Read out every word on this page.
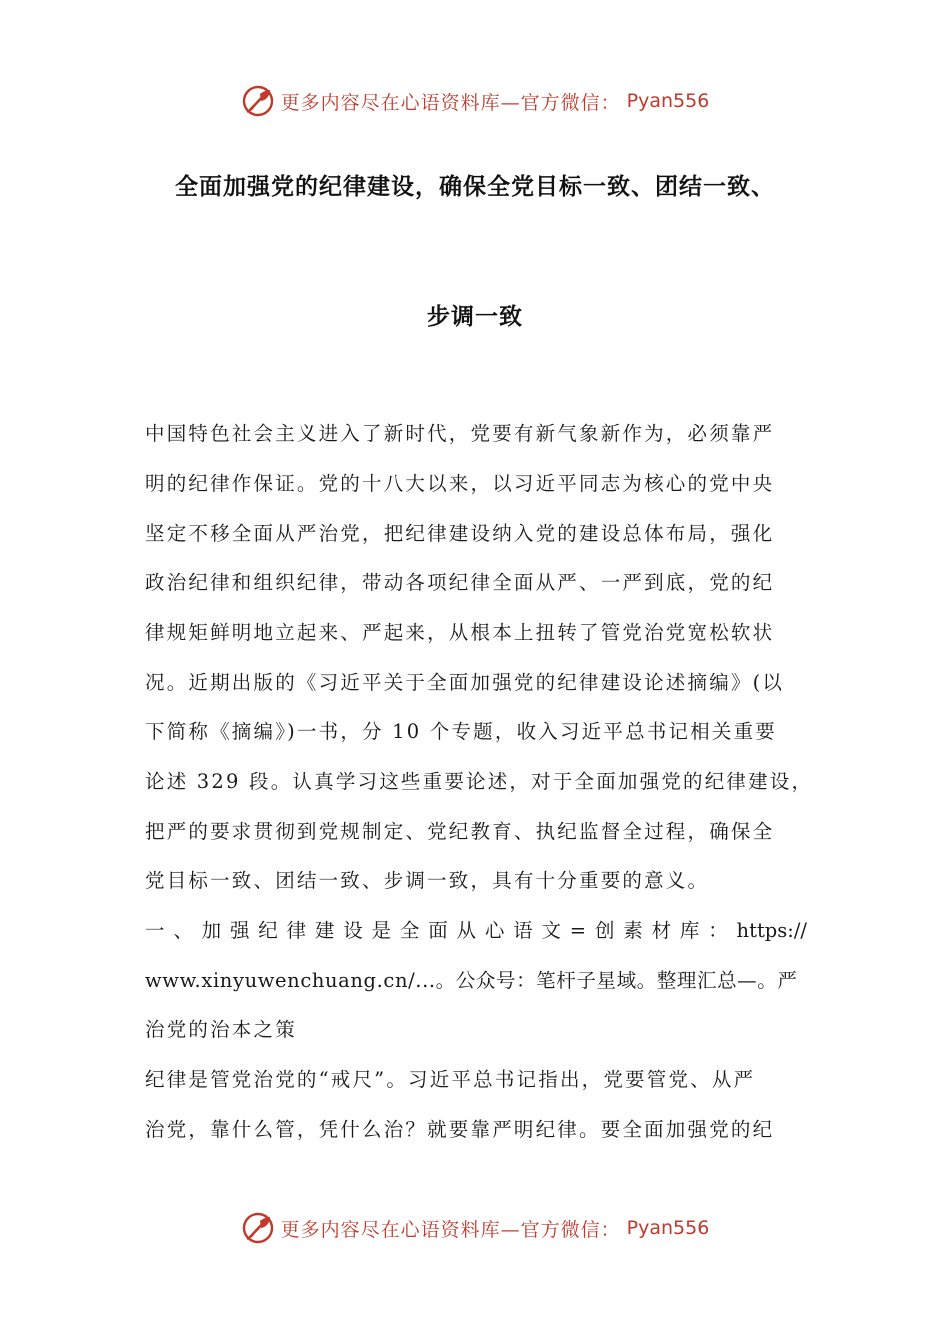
更多内容尽在心语资料库—官方微信： Pyan556
全面加强党的纪律建设，确保全党目标一致、团结一致、
步调一致
中国特色社会主义进入了新时代，党要有新气象新作为，必须靠严
明的纪律作保证。党的十八大以来，以习近平同志为核心的党中央
坚定不移全面从严治党，把纪律建设纳入党的建设总体布局，强化
政治纪律和组织纪律，带动各项纪律全面从严、一严到底，党的纪
律规矩鲜明地立起来、严起来，从根本上扭转了管党治党宽松软状
况。近期出版的《习近平关于全面加强党的纪律建设论述摘编》(以
下简称《摘编》)一书，分 10 个专题，收入习近平总书记相关重要
论述 329 段。认真学习这些重要论述，对于全面加强党的纪律建设，
把严的要求贯彻到党规制定、党纪教育、执纪监督全过程，确保全
党目标一致、团结一致、步调一致，具有十分重要的意义。
一、加强纪律建设是全面从心语文=创素材库：https://
www.xinyuwenchuang.cn/...。公众号：笔杆子星域。整理汇总—。严
治党的治本之策
纪律是管党治党的“戒尺”。习近平总书记指出，党要管党、从严
治党，靠什么管，凭什么治？就要靠严明纪律。要全面加强党的纪
更多内容尽在心语资料库—官方微信： Pyan556
